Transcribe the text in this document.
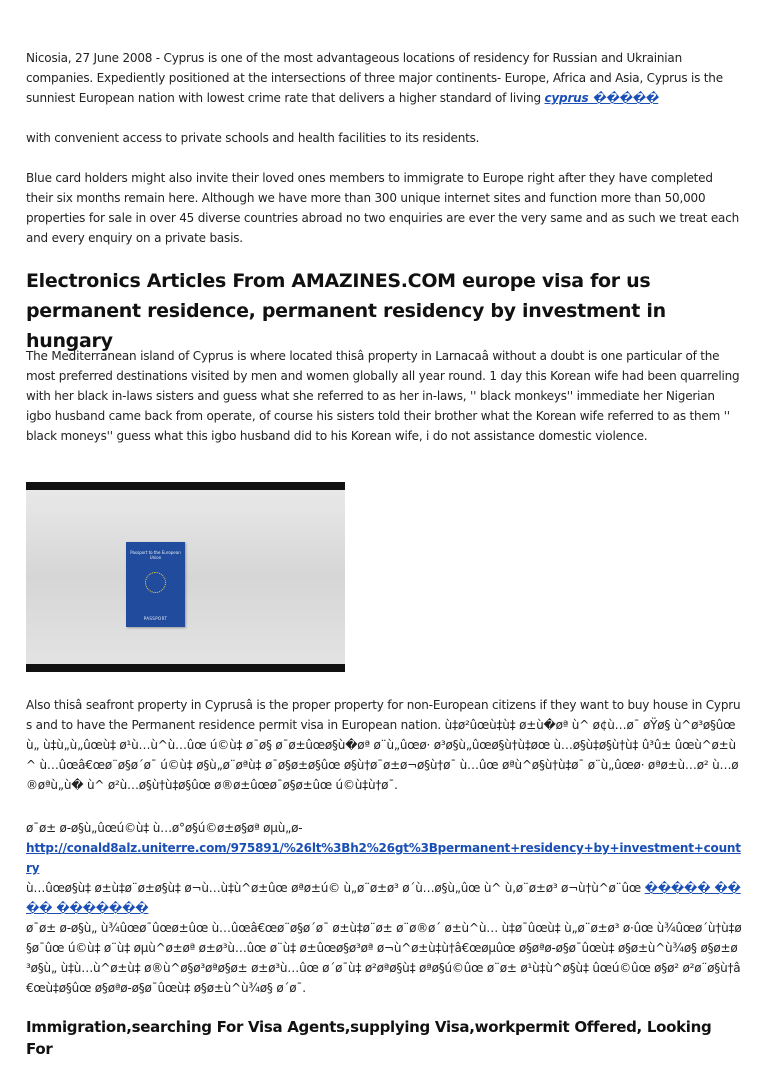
Nicosia, 27 June 2008 - Cyprus is one of the most advantageous locations of residency for Russian and Ukrainian companies. Expediently positioned at the intersections of three major continents- Europe, Africa and Asia, Cyprus is the sunniest European nation with lowest crime rate that delivers a higher standard of living cyprus �����

with convenient access to private schools and health facilities to its residents.

Blue card holders might also invite their loved ones members to immigrate to Europe right after they have completed their six months remain here. Although we have more than 300 unique internet sites and function more than 50,000 properties for sale in over 45 diverse countries abroad no two enquiries are ever the very same and as such we treat each and every enquiry on a private basis.

Electronics Articles From AMAZINES.COM europe visa for us permanent residence, permanent residency by investment in hungary

The Mediterranean island of Cyprus is where located thisâ property in Larnacaâ without a doubt is one particular of the most preferred destinations visited by men and women globally all year round. 1 day this Korean wife had been quarreling with her black in-laws sisters and guess what she referred to as her in-laws, '' black monkeys'' immediate her Nigerian igbo husband came back from operate, of course his sisters told their brother what the Korean wife referred to as them '' black moneys'' guess what this igbo husband did to his Korean wife, i do not assistance domestic violence.

Passport to the European Union
PASSPORT

Also thisâ seafront property in Cyprusâ is the proper property for non-European citizens if they want to buy house in Cyprus and to have the Permanent residence permit visa in European nation. ù‡ø²ûœù‡ù‡ ø±ù�øª ù^ ø¢ù…ø¯ øŸø§ ù^ø³ø§ûœù„ ù‡ù„ù„ûœù‡ ø¹ù…ù^ù…ûœ ú©ù‡ ø¯ø§ ø¯ø±ûœø§ù�øª ø¨ù„ûœø· ø³ø§ù„ûœø§ù†ù‡øœ ù…ø§ù‡ø§ù†ù‡ û³û± ûœù^ø±ù^ ù…ûœâ€œø¨ø§ø´ø¯ ú©ù‡ ø§ù„ø¨øªù‡ ø¯ø§ø±ø§ûœ ø§ù†ø¯ø±ø¬ø§ù†ø¯ ù…ûœ øªù^ø§ù†ù‡ø¯ ø¨ù„ûœø· øªø±ù…ø² ù…ø®øªù„ù� ù^ ø²ù…ø§ù†ù‡ø§ûœ ø®ø±ûœø¯ø§ø±ûœ ú©ù‡ù†ø¯.

ø¯ø± ø-ø§ù„ûœú©ù‡ ù…ø°ø§ú©ø±ø§øª øµù„ø-
http://conald8alz.uniterre.com/975891/%26lt%3Bh2%26gt%3Bpermanent+residency+by+investment+country
ù…ûœø§ù‡ ø±ù‡ø¨ø±ø§ù‡ ø¬ù…ù‡ù^ø±ûœ øªø±ú© ù„ø¨ø±ø³ ø´ù…ø§ù„ûœ ù^ ù‚ø¨ø±ø³ ø¬ù†ù^ø¨ûœ ����� ���� �������

ø¯ø± ø-ø§ù„ ù¾ûœø¯ûœø±ûœ ù…ûœâ€œø¨ø§ø´ø¯ ø±ù‡ø¨ø± ø¨ø®ø´ ø±ù^ù… ù‡ø¯ûœù‡ ù„ø¨ø±ø³ ø·ûœ ù¾ûœø´ù†ù‡ø§ø¯ûœ ú©ù‡ ø¨ù‡ øµù^ø±øª ø±ø³ù…ûœ ø¨ù‡ ø±ûœø§ø³øª ø¬ù^ø±ù‡ù†â€œøµûœ ø§øªø-ø§ø¯ûœù‡ ø§ø±ù^ù¾ø§ ø§ø±ø³ø§ù„ ù‡ù…ù^ø±ù‡ ø®ù^ø§ø³øªø§ø± ø±ø³ù…ûœ ø´ø¯ù‡ ø²øªø§ù‡ øªø§ú©ûœ ø¨ø± ø¹ù‡ù^ø§ù‡ ûœú©ûœ ø§ø² ø²ø¨ø§ù†â€œù‡ø§ûœ ø§øªø-ø§ø¯ûœù‡ ø§ø±ù^ù¾ø§ ø´ø¯.

Immigration,searching For Visa Agents,supplying Visa,workpermit Offered, Looking For
